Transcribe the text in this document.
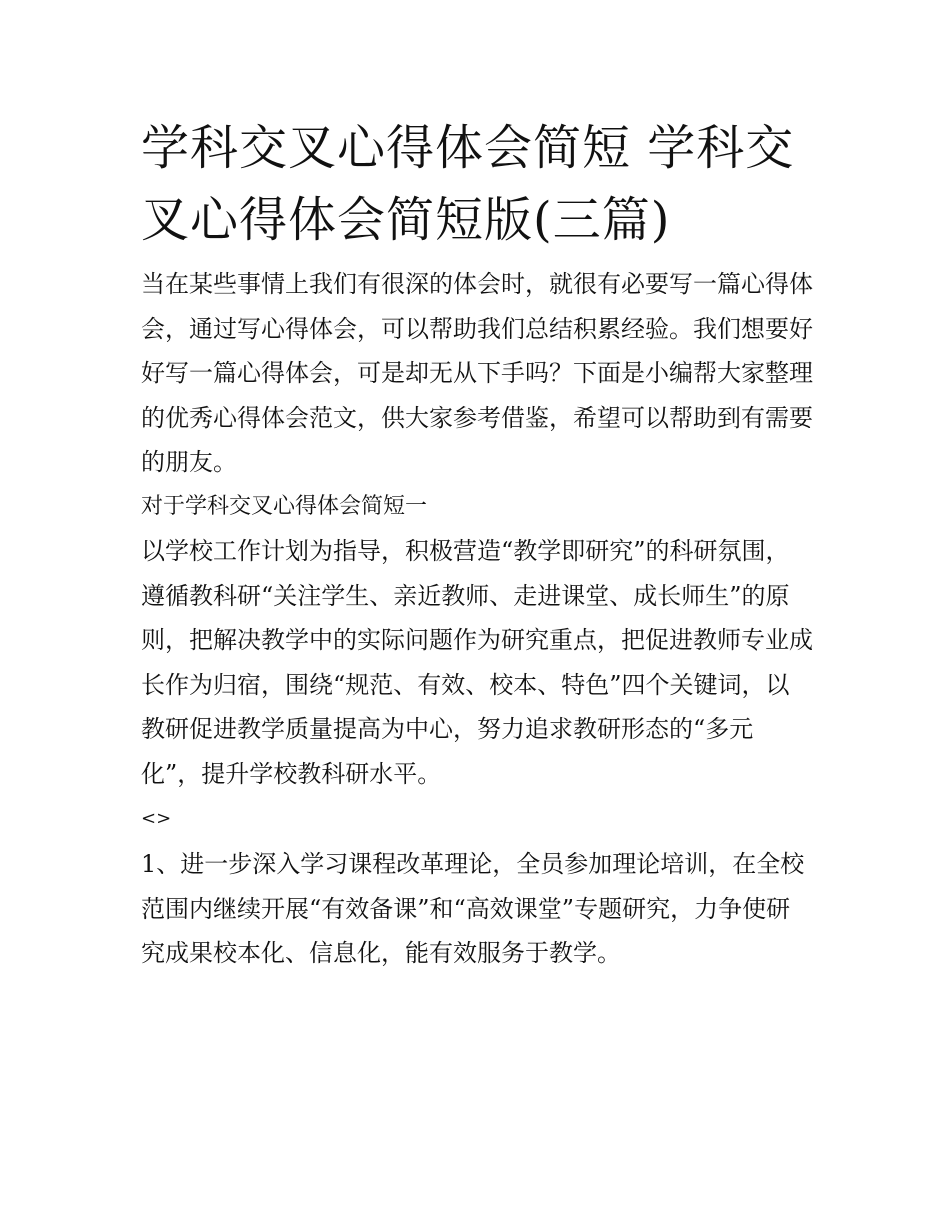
学科交叉心得体会简短 学科交叉心得体会简短版(三篇)

当在某些事情上我们有很深的体会时，就很有必要写一篇心得体会，通过写心得体会，可以帮助我们总结积累经验。我们想要好好写一篇心得体会，可是却无从下手吗？下面是小编帮大家整理的优秀心得体会范文，供大家参考借鉴，希望可以帮助到有需要的朋友。

对于学科交叉心得体会简短一

以学校工作计划为指导，积极营造“教学即研究”的科研氛围，遵循教科研“关注学生、亲近教师、走进课堂、成长师生”的原则，把解决教学中的实际问题作为研究重点，把促进教师专业成长作为归宿，围绕“规范、有效、校本、特色”四个关键词，以教研促进教学质量提高为中心，努力追求教研形态的“多元化”，提升学校教科研水平。

<>

1、进一步深入学习课程改革理论，全员参加理论培训，在全校范围内继续开展“有效备课”和“高效课堂”专题研究，力争使研究成果校本化、信息化，能有效服务于教学。
